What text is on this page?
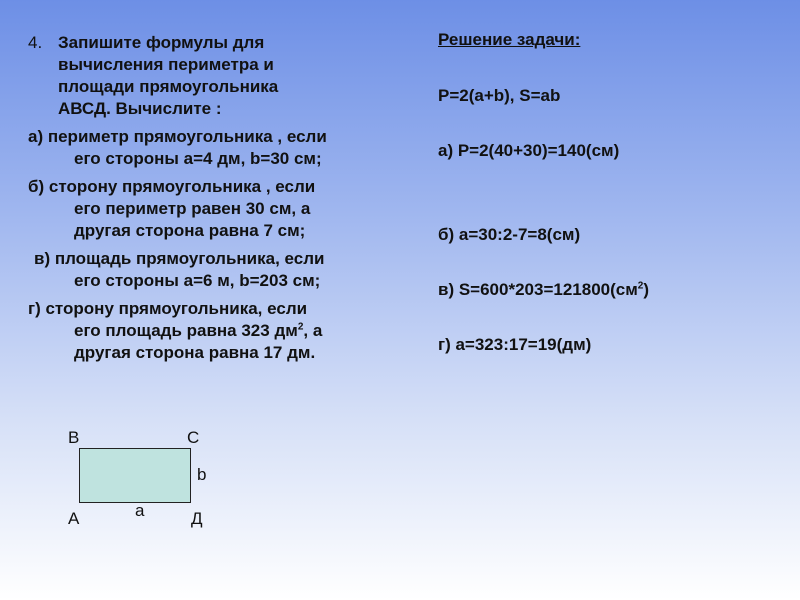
4. Запишите формулы для
вычисления периметра и
площади прямоугольника
АВСД. Вычислите :
а) периметр прямоугольника , если
его стороны а=4 дм, b=30 см;
б) сторону прямоугольника , если
его периметр равен 30 см, а
другая сторона равна 7 см;
в) площадь прямоугольника, если
его стороны а=6 м, b=203 см;
г) сторону прямоугольника, если
его площадь равна 323 $дм^2$, а
другая сторона равна 17 дм.
Решение задачи:
P=2(a+b), S=ab
а) P=2(40+30)=140(см)
б) а=30:2-7=8(см)
в) $S=600*203=121800(см^2)$
г) а=323:17=19(дм)
В	С
А	Д
а
b
